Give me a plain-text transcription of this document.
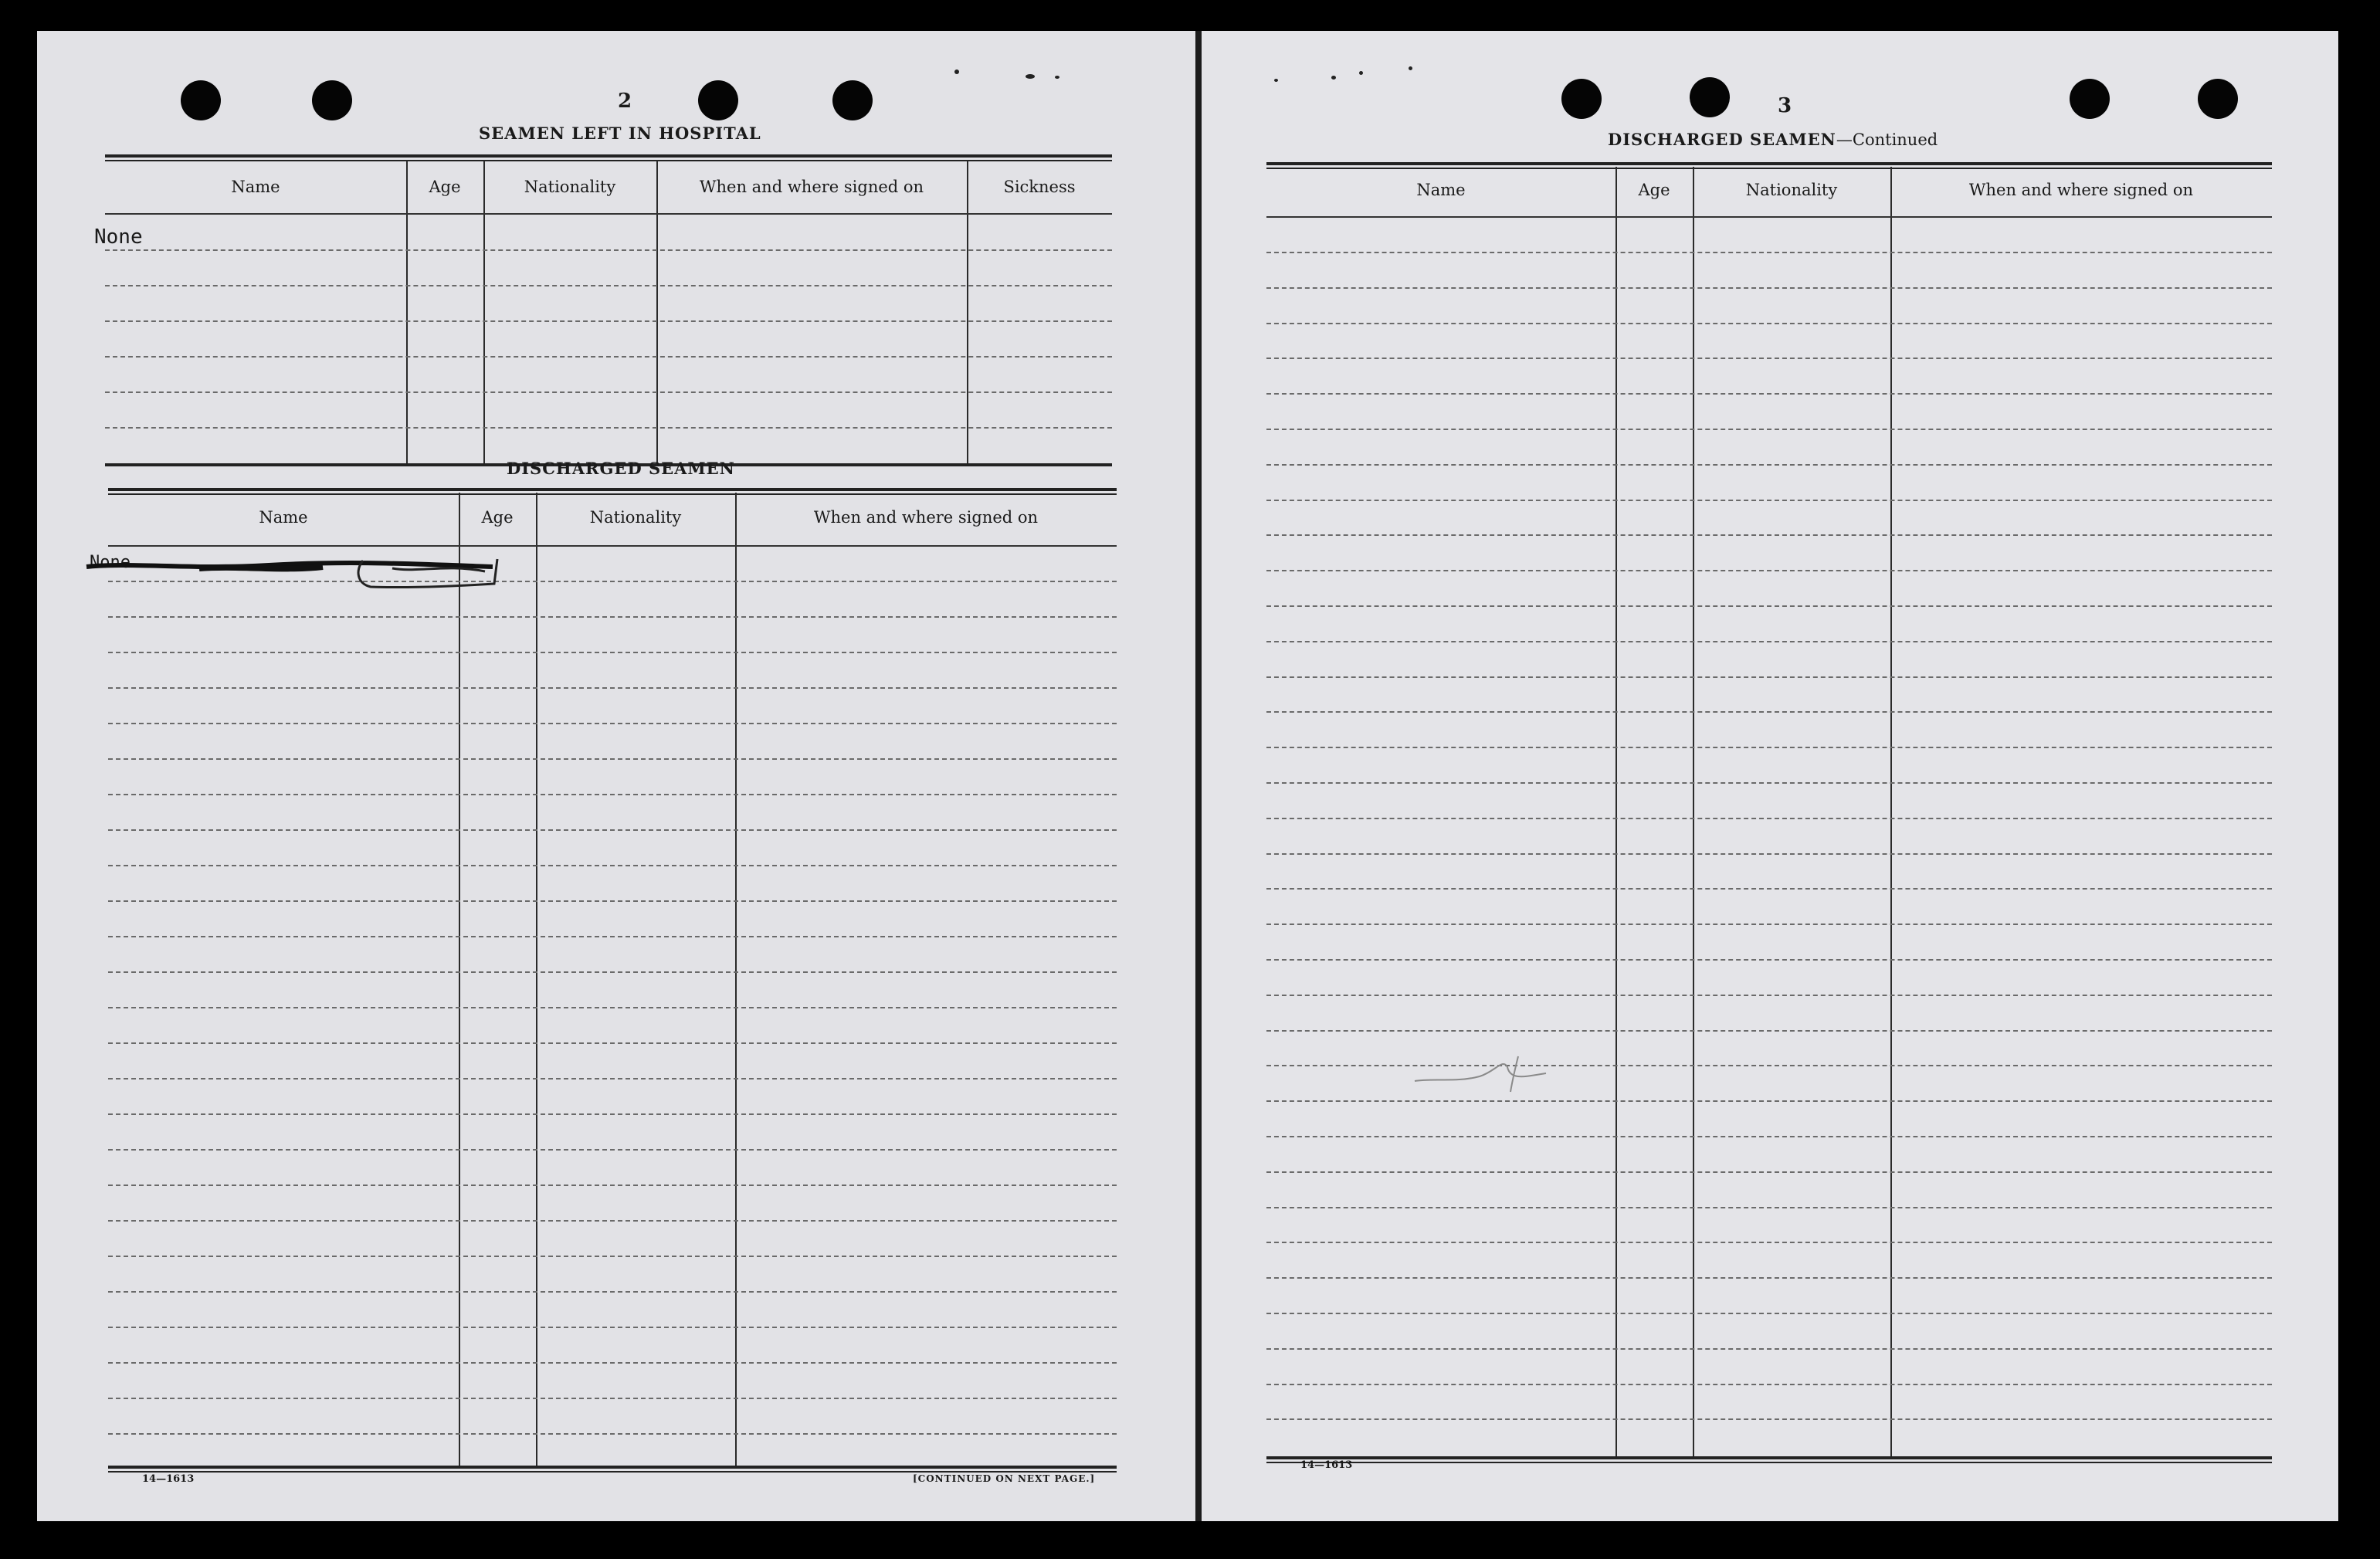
2
SEAMEN LEFT IN HOSPITAL
Name	Age	Nationality	When and where signed on	Sickness
None
DISCHARGED SEAMEN
Name	Age	Nationality	When and where signed on
None
14—1613	[CONTINUED ON NEXT PAGE.]
3
DISCHARGED SEAMEN—Continued
Name	Age	Nationality	When and where signed on
14—1613
